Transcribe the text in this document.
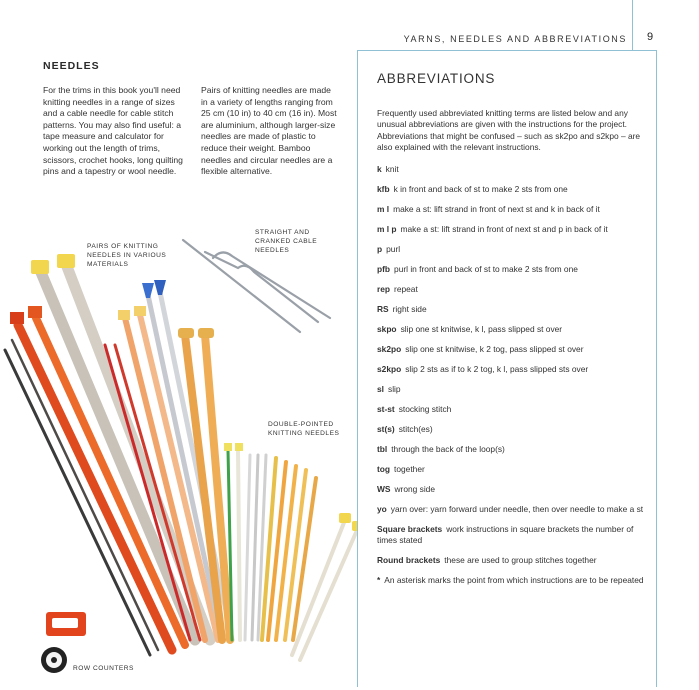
YARNS, NEEDLES AND ABBREVIATIONS 9
NEEDLES
For the trims in this book you'll need knitting needles in a range of sizes and a cable needle for cable stitch patterns. You may also find useful: a tape measure and calculator for working out the length of trims, scissors, crochet hooks, long quilting pins and a tapestry or wool needle.
Pairs of knitting needles are made in a variety of lengths ranging from 25 cm (10 in) to 40 cm (16 in). Most are aluminium, although larger-size needles are made of plastic to reduce their weight. Bamboo needles and circular needles are a flexible alternative.
PAIRS OF KNITTING NEEDLES IN VARIOUS MATERIALS
STRAIGHT AND CRANKED CABLE NEEDLES
DOUBLE-POINTED KNITTING NEEDLES
ROW COUNTERS
ABBREVIATIONS
Frequently used abbreviated knitting terms are listed below and any unusual abbreviations are given with the instructions for the project. Abbreviations that might be confused – such as sk2po and s2kpo – are also explained with the relevant instructions.
k knit
kfb k in front and back of st to make 2 sts from one
m l make a st: lift strand in front of next st and k in back of it
m l p make a st: lift strand in front of next st and p in back of it
p purl
pfb purl in front and back of st to make 2 sts from one
rep repeat
RS right side
skpo slip one st knitwise, k l, pass slipped st over
sk2po slip one st knitwise, k 2 tog, pass slipped st over
s2kpo slip 2 sts as if to k 2 tog, k l, pass slipped sts over
sl slip
st-st stocking stitch
st(s) stitch(es)
tbl through the back of the loop(s)
tog together
WS wrong side
yo yarn over: yarn forward under needle, then over needle to make a st
Square brackets work instructions in square brackets the number of times stated
Round brackets these are used to group stitches together
* An asterisk marks the point from which instructions are to be repeated
